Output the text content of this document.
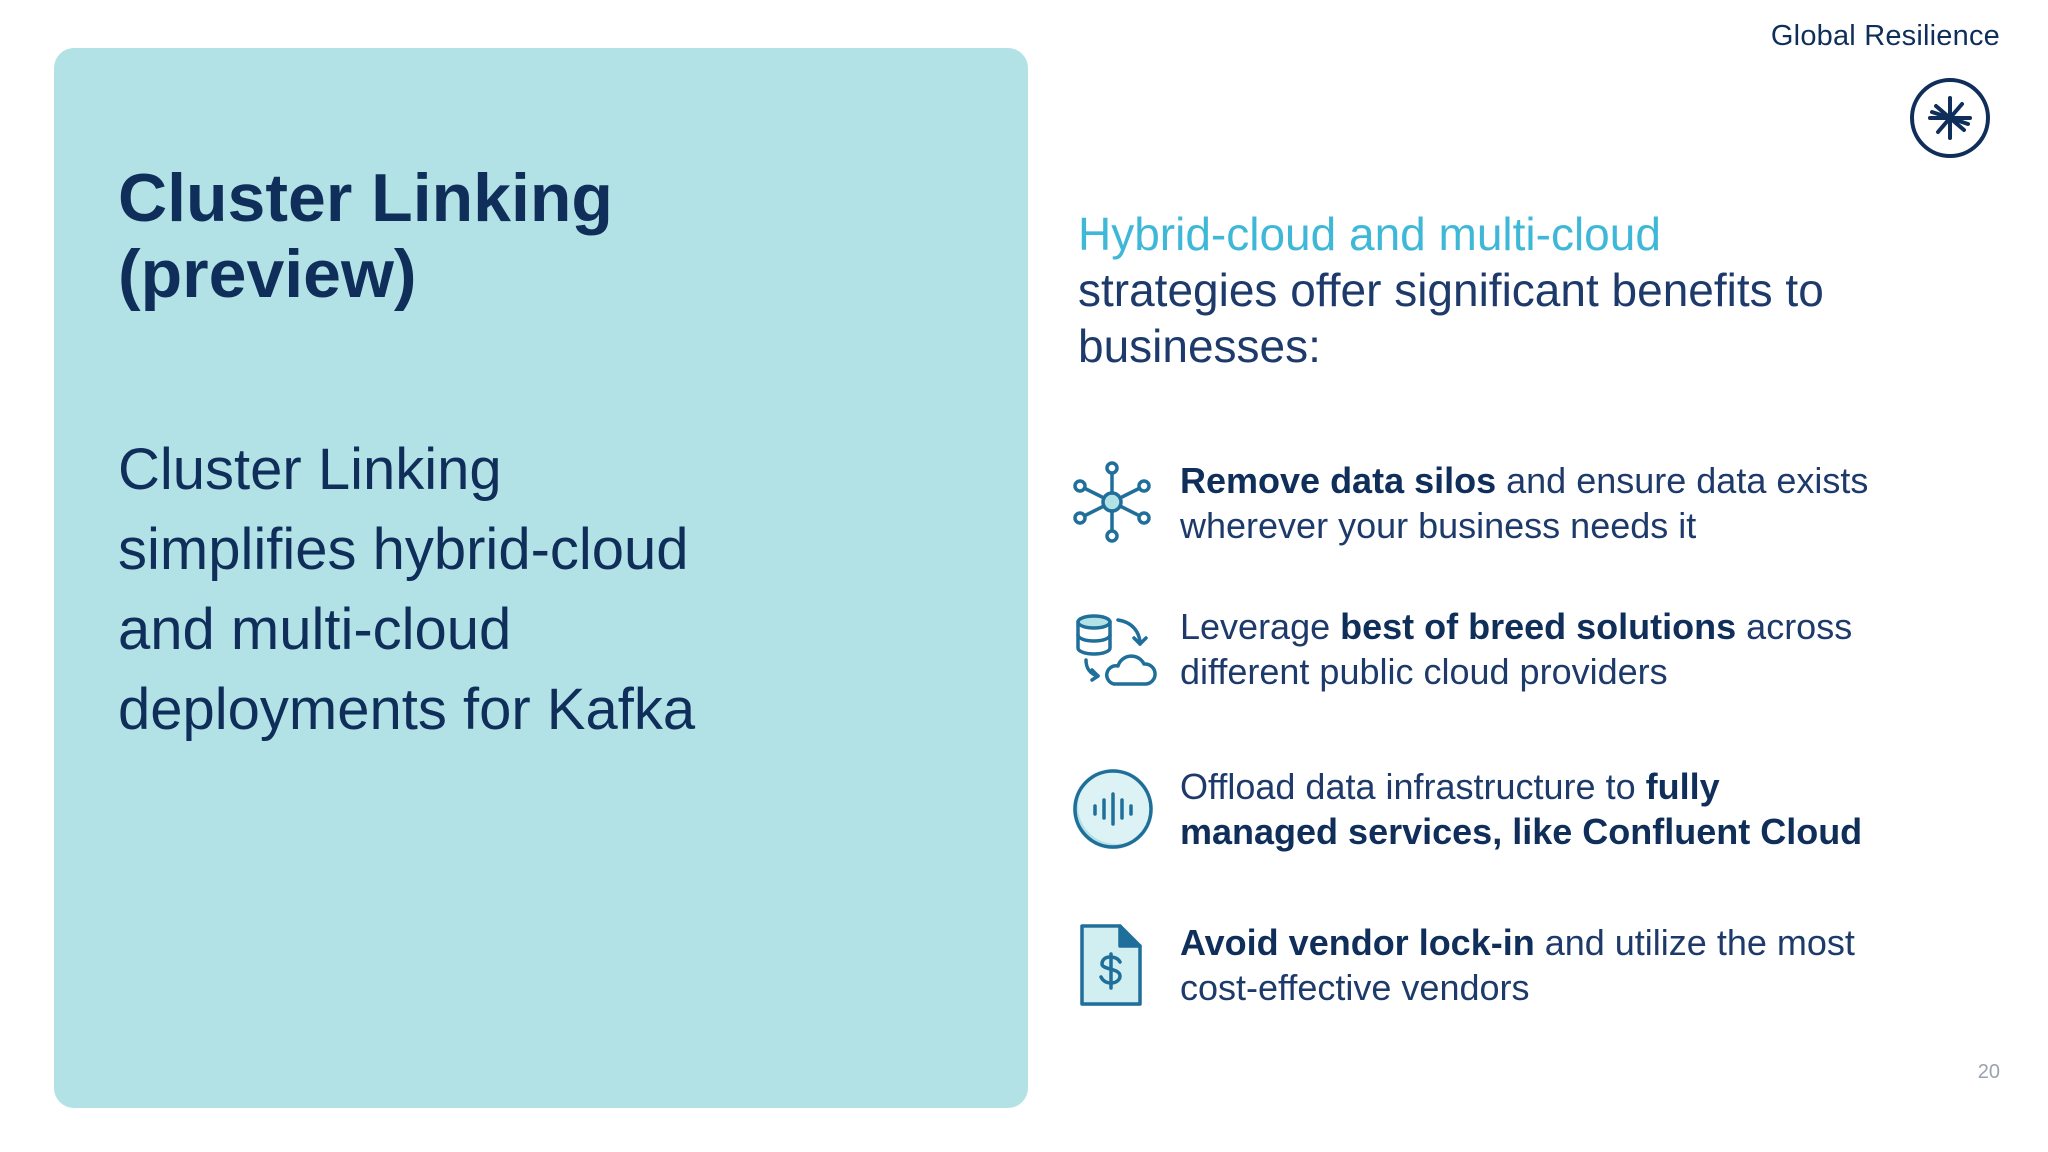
Global Resilience
Cluster Linking
(preview)

Cluster Linking
simplifies hybrid-cloud
and multi-cloud
deployments for Kafka

Hybrid-cloud and multi-cloud
strategies offer significant benefits to
businesses:

Remove data silos and ensure data exists
wherever your business needs it
Leverage best of breed solutions across
different public cloud providers
Offload data infrastructure to fully
managed services, like Confluent Cloud
Avoid vendor lock-in and utilize the most
cost-effective vendors
20
